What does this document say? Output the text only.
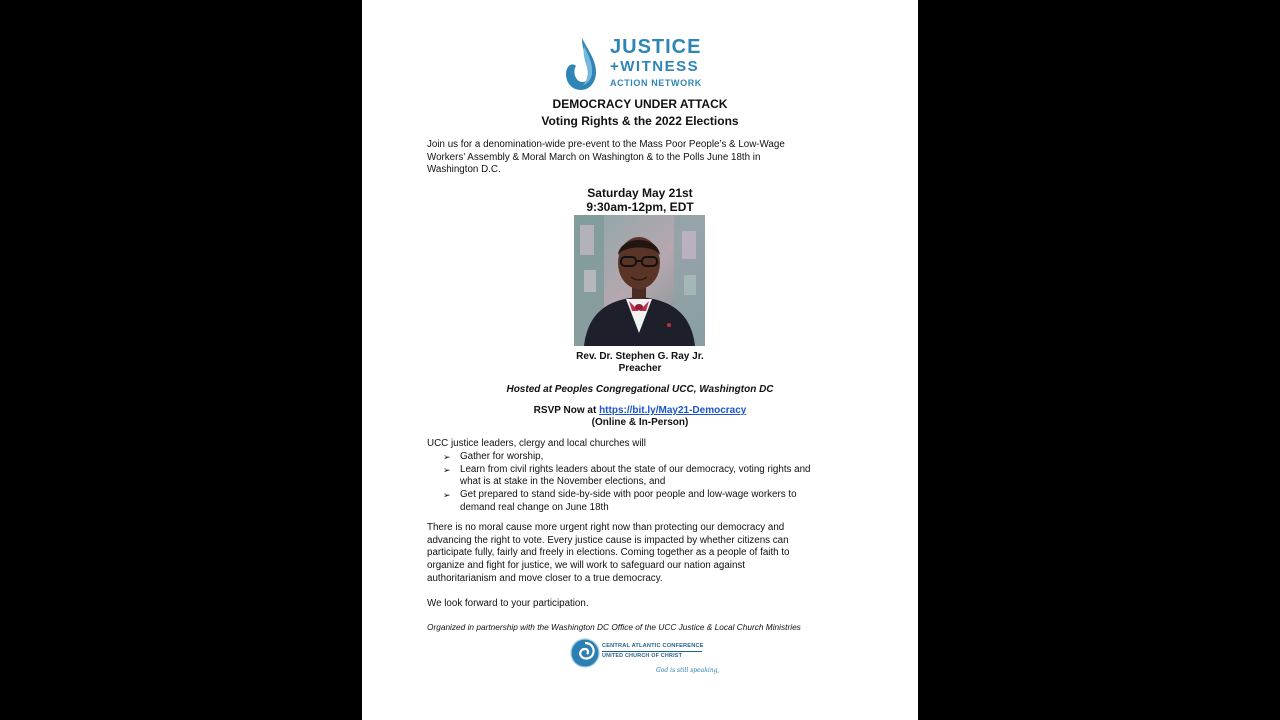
JUSTICE
+WITNESS
ACTION NETWORK
DEMOCRACY UNDER ATTACK
Voting Rights & the 2022 Elections
Join us for a denomination-wide pre-event to the Mass Poor People’s & Low-Wage
Workers’ Assembly & Moral March on Washington & to the Polls June 18th in
Washington D.C.
Saturday May 21st
9:30am-12pm, EDT
Rev. Dr. Stephen G. Ray Jr.
Preacher
Hosted at Peoples Congregational UCC, Washington DC
RSVP Now at https://bit.ly/May21-Democracy
(Online & In-Person)
UCC justice leaders, clergy and local churches will
➢ Gather for worship,
➢ Learn from civil rights leaders about the state of our democracy, voting rights and
what is at stake in the November elections, and
➢ Get prepared to stand side-by-side with poor people and low-wage workers to
demand real change on June 18th
There is no moral cause more urgent right now than protecting our democracy and
advancing the right to vote. Every justice cause is impacted by whether citizens can
participate fully, fairly and freely in elections. Coming together as a people of faith to
organize and fight for justice, we will work to safeguard our nation against
authoritarianism and move closer to a true democracy.
We look forward to your participation.
Organized in partnership with the Washington DC Office of the UCC Justice & Local Church Ministries
CENTRAL ATLANTIC CONFERENCE
UNITED CHURCH OF CHRIST
God is still speaking,
